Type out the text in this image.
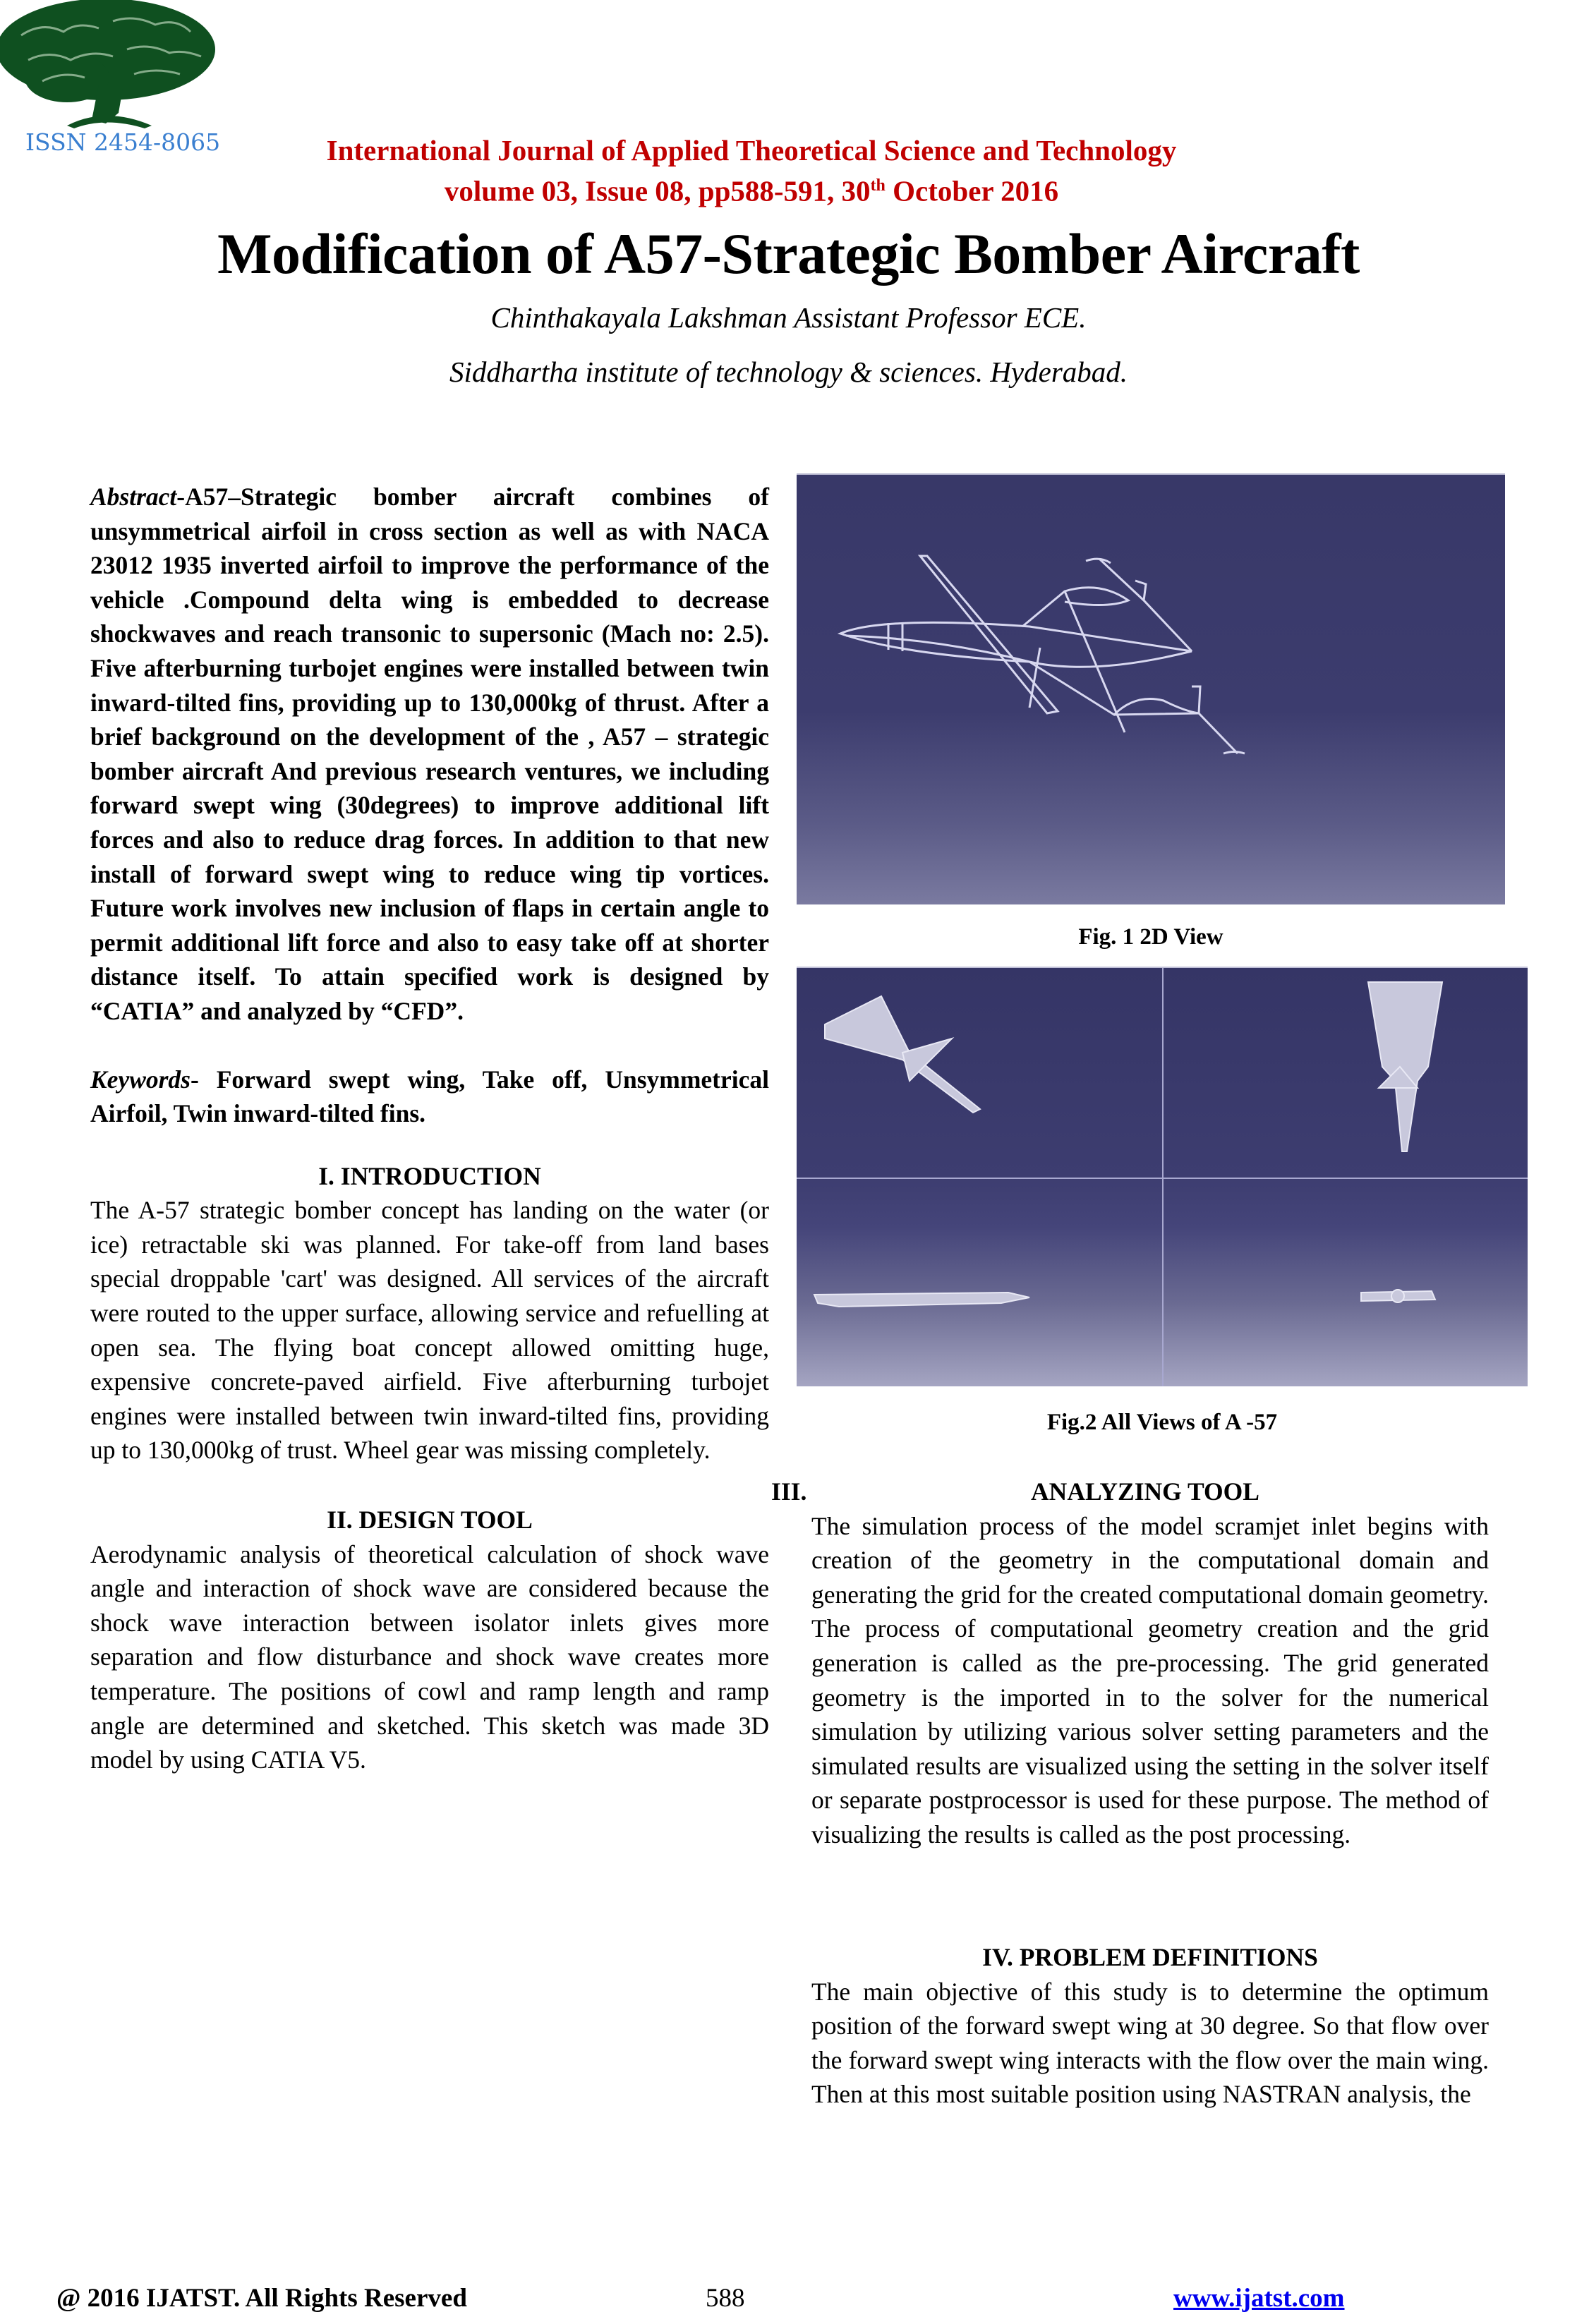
ISSN 2454-8065	International Journal of Applied Theoretical Science and Technology
volume 03, Issue 08, pp588-591, 30th October 2016
Modification of A57-Strategic Bomber Aircraft
Chinthakayala Lakshman Assistant Professor ECE.
Siddhartha institute of technology & sciences. Hyderabad.

Abstract-A57–Strategic bomber aircraft combines of unsymmetrical airfoil in cross section as well as with NACA 23012 1935 inverted airfoil to improve the performance of the vehicle .Compound delta wing is embedded to decrease shockwaves and reach transonic to supersonic (Mach no: 2.5). Five afterburning turbojet engines were installed between twin inward-tilted fins, providing up to 130,000kg of thrust. After a brief background on the development of the , A57 – strategic bomber aircraft And previous research ventures, we including forward swept wing (30degrees) to improve additional lift forces and also to reduce drag forces. In addition to that new install of forward swept wing to reduce wing tip vortices. Future work involves new inclusion of flaps in certain angle to permit additional lift force and also to easy take off at shorter distance itself. To attain specified work is designed by “CATIA” and analyzed by “CFD”.

Keywords- Forward swept wing, Take off, Unsymmetrical Airfoil, Twin inward-tilted fins.

I. INTRODUCTION

The A-57 strategic bomber concept has landing on the water (or ice) retractable ski was planned. For take-off from land bases special droppable 'cart' was designed. All services of the aircraft were routed to the upper surface, allowing service and refuelling at open sea. The flying boat concept allowed omitting huge, expensive concrete-paved airfield. Five afterburning turbojet engines were installed between twin inward-tilted fins, providing up to 130,000kg of trust. Wheel gear was missing completely.

II. DESIGN TOOL

Aerodynamic analysis of theoretical calculation of shock wave angle and interaction of shock wave are considered because the shock wave interaction between isolator inlets gives more separation and flow disturbance and shock wave creates more temperature. The positions of cowl and ramp length and ramp angle are determined and sketched. This sketch was made 3D model by using CATIA V5.

Fig. 1 2D View
Fig.2 All Views of A -57
III.	ANALYZING TOOL

The simulation process of the model scramjet inlet begins with creation of the geometry in the computational domain and generating the grid for the created computational domain geometry. The process of computational geometry creation and the grid generation is called as the pre-processing. The grid generated geometry is the imported in to the solver for the numerical simulation by utilizing various solver setting parameters and the simulated results are visualized using the setting in the solver itself or separate postprocessor is used for these purpose. The method of visualizing the results is called as the post processing.

IV. PROBLEM DEFINITIONS

The main objective of this study is to determine the optimum position of the forward swept wing at 30 degree. So that flow over the forward swept wing interacts with the flow over the main wing. Then at this most suitable position using NASTRAN analysis, the

@ 2016 IJATST. All Rights Reserved	588	www.ijatst.com
